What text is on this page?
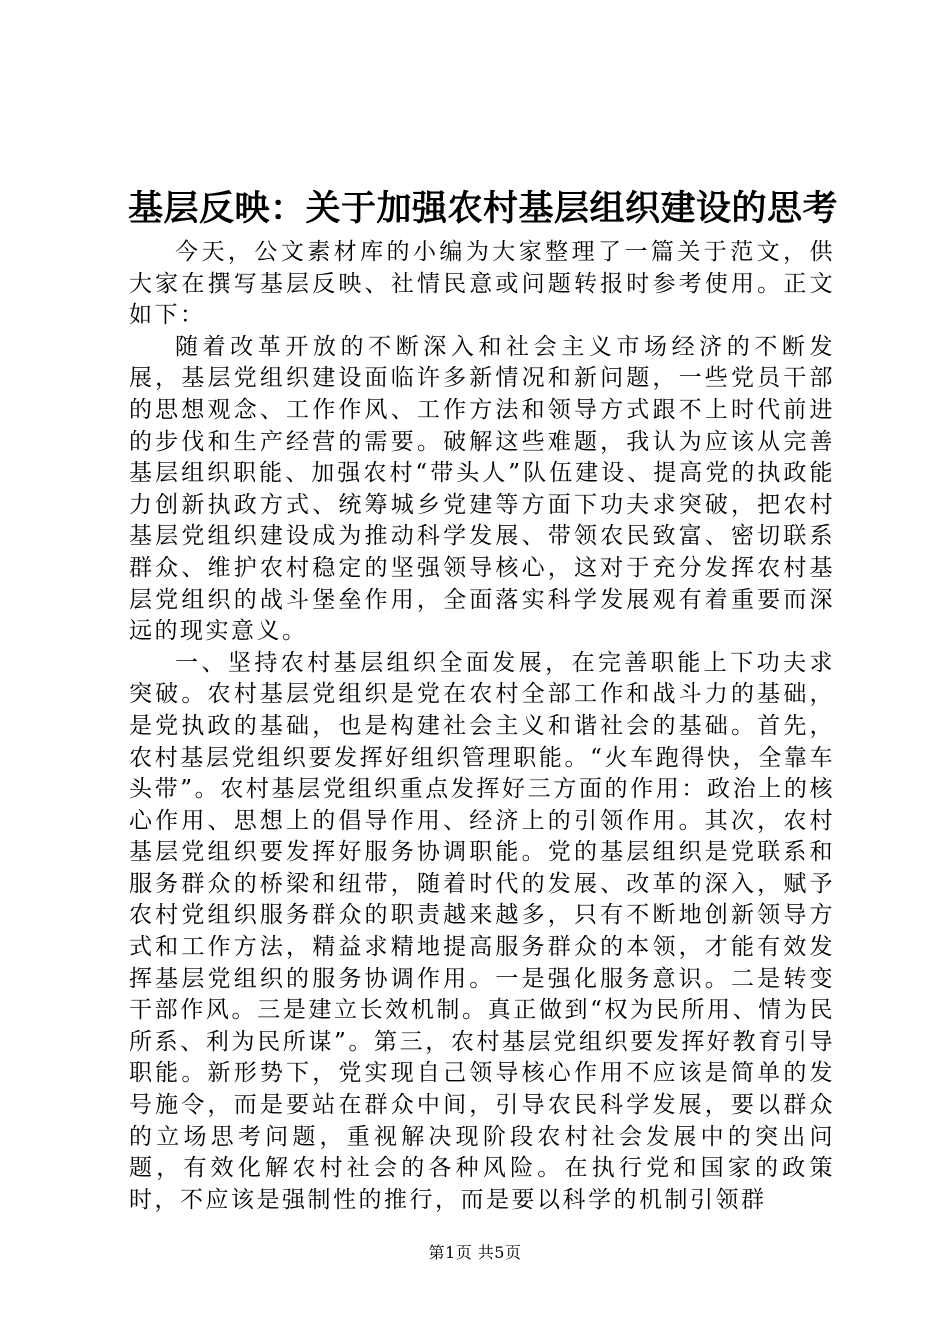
基层反映：关于加强农村基层组织建设的思考

今天，公文素材库的小编为大家整理了一篇关于范文，供大家在撰写基层反映、社情民意或问题转报时参考使用。正文如下：

随着改革开放的不断深入和社会主义市场经济的不断发展，基层党组织建设面临许多新情况和新问题，一些党员干部的思想观念、工作作风、工作方法和领导方式跟不上时代前进的步伐和生产经营的需要。破解这些难题，我认为应该从完善基层组织职能、加强农村“带头人”队伍建设、提高党的执政能力创新执政方式、统筹城乡党建等方面下功夫求突破，把农村基层党组织建设成为推动科学发展、带领农民致富、密切联系群众、维护农村稳定的坚强领导核心，这对于充分发挥农村基层党组织的战斗堡垒作用，全面落实科学发展观有着重要而深远的现实意义。

一、坚持农村基层组织全面发展，在完善职能上下功夫求突破。农村基层党组织是党在农村全部工作和战斗力的基础，是党执政的基础，也是构建社会主义和谐社会的基础。首先，农村基层党组织要发挥好组织管理职能。“火车跑得快，全靠车头带”。农村基层党组织重点发挥好三方面的作用：政治上的核心作用、思想上的倡导作用、经济上的引领作用。其次，农村基层党组织要发挥好服务协调职能。党的基层组织是党联系和服务群众的桥梁和纽带，随着时代的发展、改革的深入，赋予农村党组织服务群众的职责越来越多，只有不断地创新领导方式和工作方法，精益求精地提高服务群众的本领，才能有效发挥基层党组织的服务协调作用。一是强化服务意识。二是转变干部作风。三是建立长效机制。真正做到“权为民所用、情为民所系、利为民所谋”。第三，农村基层党组织要发挥好教育引导职能。新形势下，党实现自己领导核心作用不应该是简单的发号施令，而是要站在群众中间，引导农民科学发展，要以群众的立场思考问题，重视解决现阶段农村社会发展中的突出问题，有效化解农村社会的各种风险。在执行党和国家的政策时，不应该是强制性的推行，而是要以科学的机制引领群

第1页 共5页
